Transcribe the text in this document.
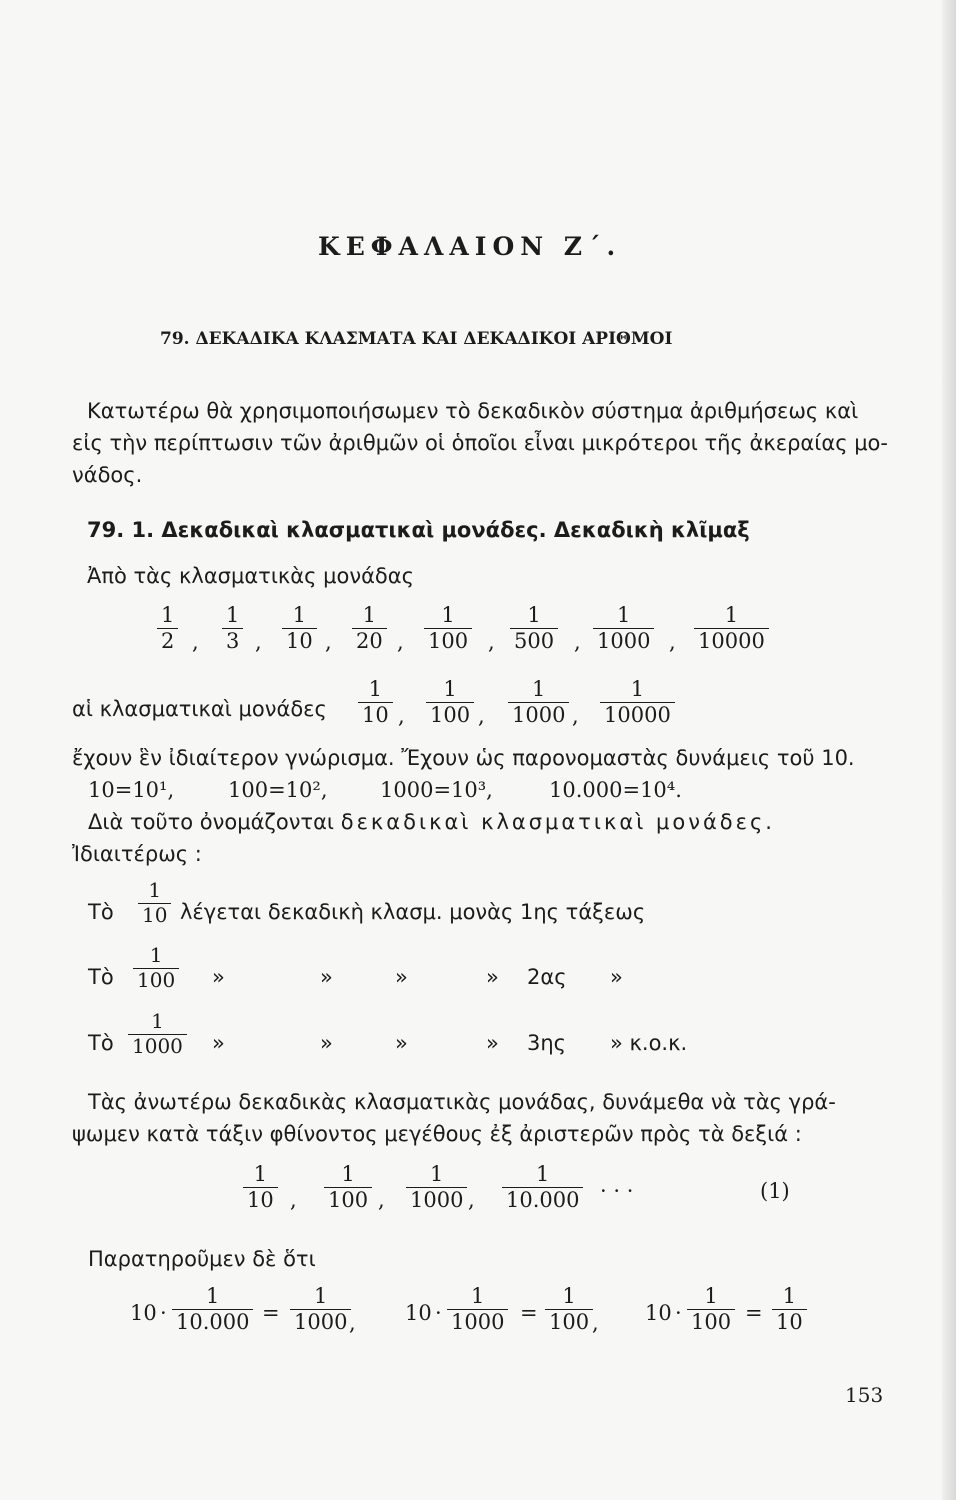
ΚΕΦΑΛΑΙΟΝ Ζ΄.
79. ΔΕΚΑΔΙΚΑ ΚΛΑΣΜΑΤΑ ΚΑΙ ΔΕΚΑΔΙΚΟΙ ΑΡΙΘΜΟΙ
Κατωτέρω θὰ χρησιμοποιήσωμεν τὸ δεκαδικὸν σύστημα ἀριθμήσεως καὶ
εἰς τὴν περίπτωσιν τῶν ἀριθμῶν οἱ ὁποῖοι εἶναι μικρότεροι τῆς ἀκεραίας μο-
νάδος.
79. 1. Δεκαδικαὶ κλασματικαὶ μονάδες. Δεκαδικὴ κλῖμαξ
Ἀπὸ τὰς κλασματικὰς μονάδας
$\frac{1}{2}$ , $\frac{1}{3}$ , $\frac{1}{10}$ , $\frac{1}{20}$ , $\frac{1}{100}$ , $\frac{1}{500}$ , $\frac{1}{1000}$ , $\frac{1}{10000}$
αἱ κλασματικαὶ μονάδες $\frac{1}{10}$ , $\frac{1}{100}$ , $\frac{1}{1000}$ , $\frac{1}{10000}$
ἔχουν ἓν ἰδιαίτερον γνώρισμα. Ἔχουν ὡς παρονομαστὰς δυνάμεις τοῦ 10.
10=10¹,	100=10²,	1000=10³,	10.000=10⁴.
Διὰ τοῦτο ὀνομάζονται δεκαδικαὶ κλασματικαὶ μονάδες.
Ἰδιαιτέρως :
Τὸ $\frac{1}{10}$ λέγεται δεκαδικὴ κλασμ. μονὰς 1ης τάξεως
Τὸ $\frac{1}{100}$ »	»	»	» 2ας »
Τὸ $\frac{1}{1000}$ »	»	»	» 3ης » κ.ο.κ.
Τὰς ἀνωτέρω δεκαδικὰς κλασματικὰς μονάδας, δυνάμεθα νὰ τὰς γρά-
ψωμεν κατὰ τάξιν φθίνοντος μεγέθους ἐξ ἀριστερῶν πρὸς τὰ δεξιά :
$\frac{1}{10}$ , $\frac{1}{100}$ , $\frac{1}{1000}$ , $\frac{1}{10.000}$ · · ·	(1)
Παρατηροῦμεν δὲ ὅτι
$10 \cdot \frac{1}{10.000} = \frac{1}{1000}$
, $10 \cdot \frac{1}{1000} = \frac{1}{100}$
, $10 \cdot \frac{1}{100} = \frac{1}{10}$
153
